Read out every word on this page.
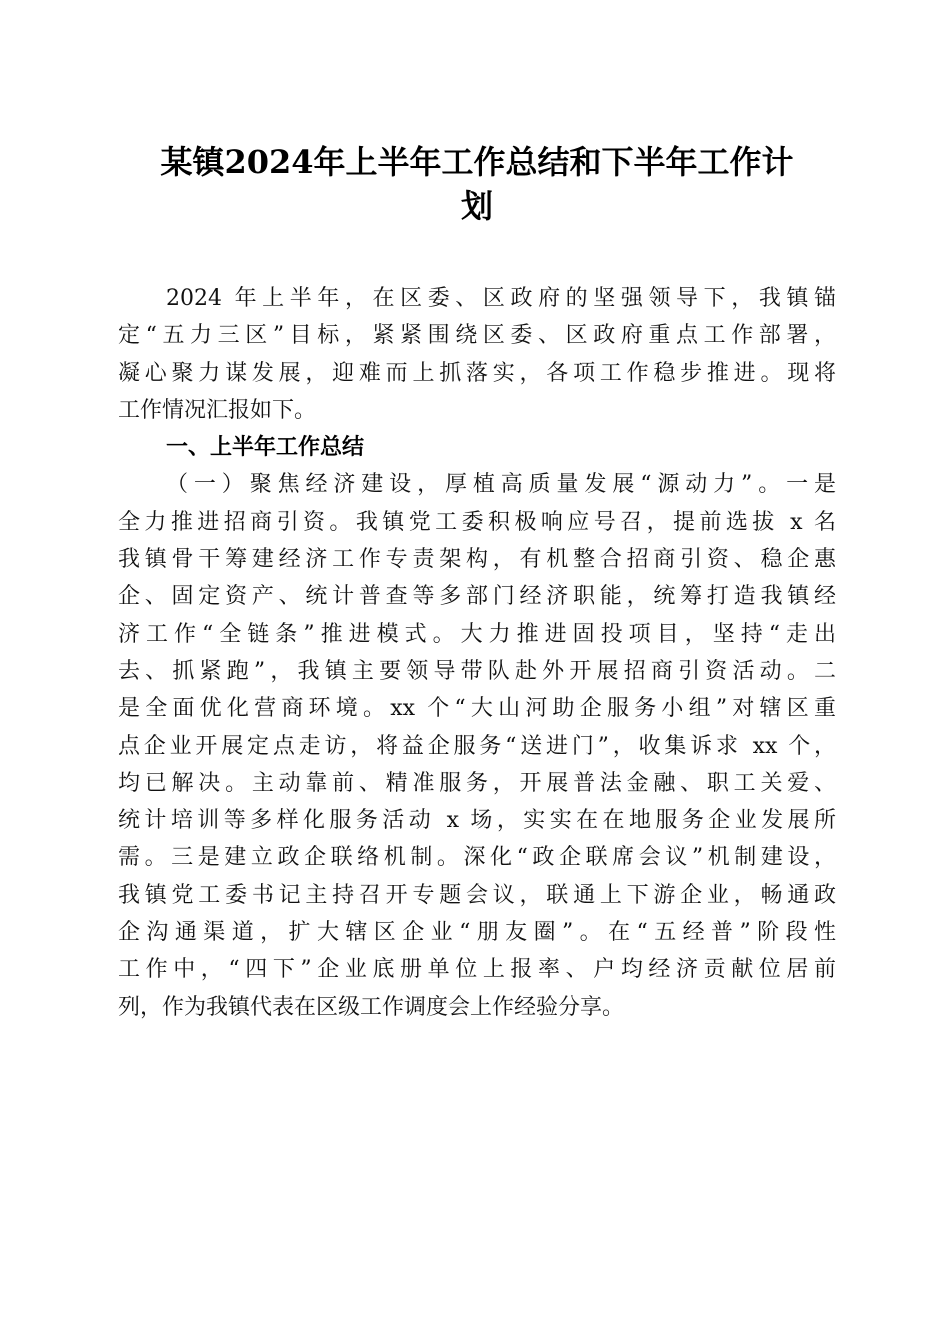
某镇2024年上半年工作总结和下半年工作计
划
2024 年上半年，在区委、区政府的坚强领导下，我镇锚
定“五力三区”目标，紧紧围绕区委、区政府重点工作部署，
凝心聚力谋发展，迎难而上抓落实，各项工作稳步推进。现将
工作情况汇报如下。
一、上半年工作总结
（一）聚焦经济建设，厚植高质量发展“源动力”。一是
全力推进招商引资。我镇党工委积极响应号召，提前选拔 x 名
我镇骨干筹建经济工作专责架构，有机整合招商引资、稳企惠
企、固定资产、统计普查等多部门经济职能，统筹打造我镇经
济工作“全链条”推进模式。大力推进固投项目，坚持“走出
去、抓紧跑”，我镇主要领导带队赴外开展招商引资活动。二
是全面优化营商环境。xx 个“大山河助企服务小组”对辖区重
点企业开展定点走访，将益企服务“送进门”，收集诉求 xx 个，
均已解决。主动靠前、精准服务，开展普法金融、职工关爱、
统计培训等多样化服务活动 x 场，实实在在地服务企业发展所
需。三是建立政企联络机制。深化“政企联席会议”机制建设，
我镇党工委书记主持召开专题会议，联通上下游企业，畅通政
企沟通渠道，扩大辖区企业“朋友圈”。在“五经普”阶段性
工作中，“四下”企业底册单位上报率、户均经济贡献位居前
列，作为我镇代表在区级工作调度会上作经验分享。
